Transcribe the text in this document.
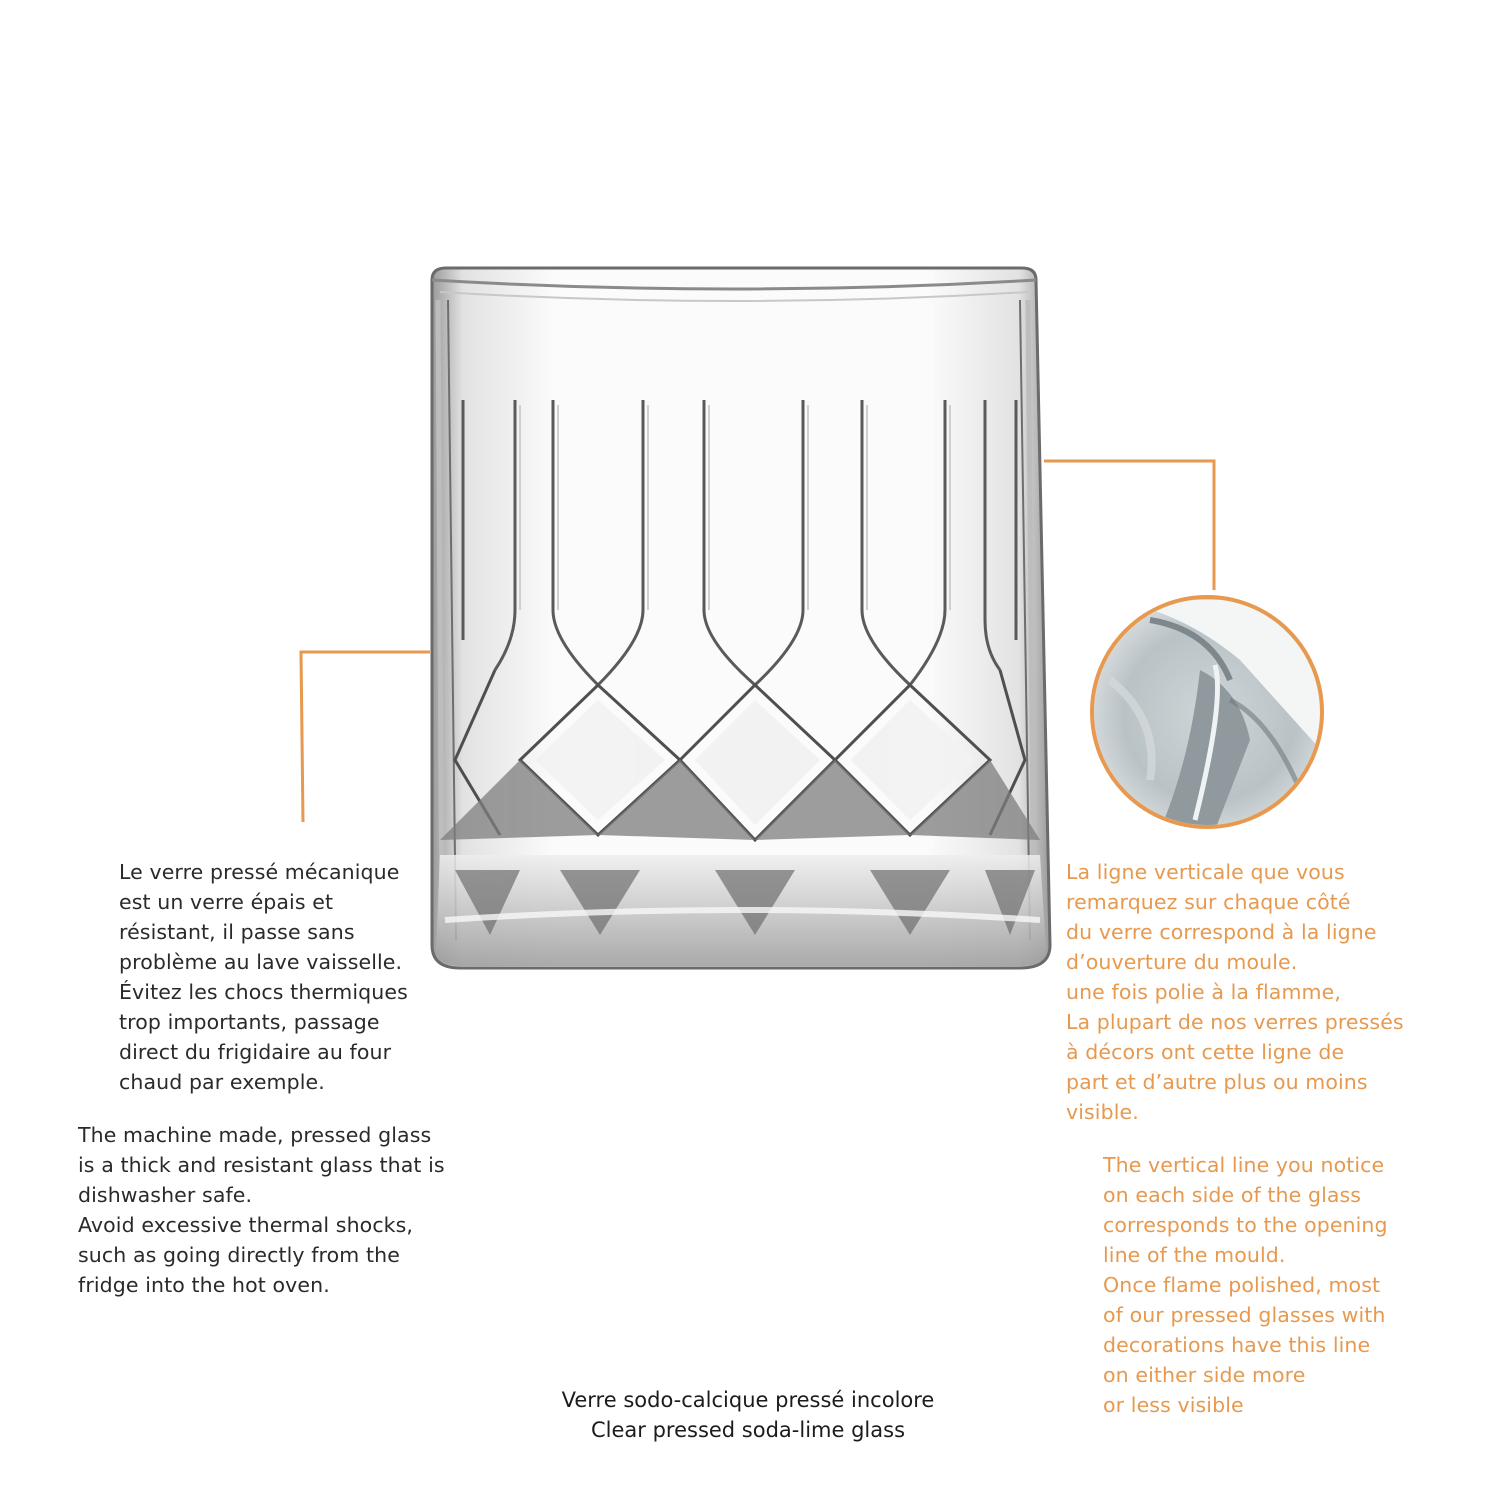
Le verre pressé mécanique
est un verre épais et
résistant, il passe sans
problème au lave vaisselle.
Évitez les chocs thermiques
trop importants, passage
direct du frigidaire au four
chaud par exemple.

The machine made, pressed glass
is a thick and resistant glass that is
dishwasher safe.
Avoid excessive thermal shocks,
such as going directly from the
fridge into the hot oven.

La ligne verticale que vous
remarquez sur chaque côté
du verre correspond à la ligne
d’ouverture du moule.
une fois polie à la flamme,
La plupart de nos verres pressés
à décors ont cette ligne de
part et d’autre plus ou moins
visible.

The vertical line you notice
on each side of the glass
corresponds to the opening
line of the mould.
Once flame polished, most
of our pressed glasses with
decorations have this line
on either side more
or less visible

Verre sodo-calcique pressé incolore
Clear pressed soda-lime glass
